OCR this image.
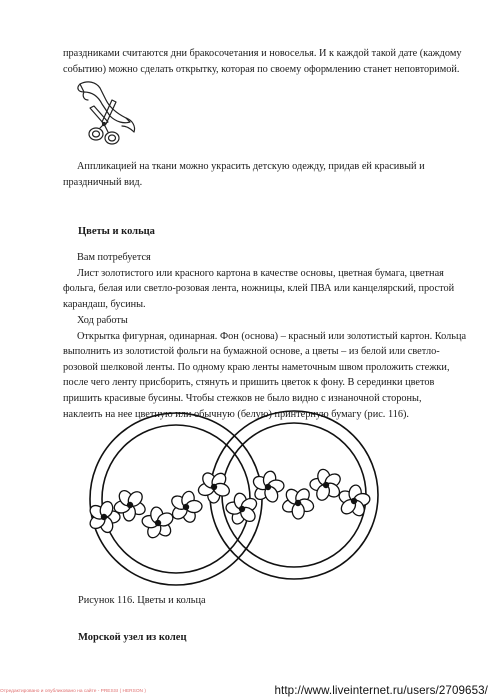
праздниками считаются дни бракосочетания и новоселья. И к каждой такой дате (каждому

событию) можно сделать открытку, которая по своему оформлению станет неповторимой.

Аппликацией на ткани можно украсить детскую одежду, придав ей красивый и

праздничный вид.

Цветы и кольца

Вам потребуется

Лист золотистого или красного картона в качестве основы, цветная бумага, цветная

фольга, белая или светло-розовая лента, ножницы, клей ПВА или канцелярский, простой

карандаш, бусины.

Ход работы

Открытка фигурная, одинарная. Фон (основа) – красный или золотистый картон. Кольца

выполнить из золотистой фольги на бумажной основе, а цветы – из белой или светло-

розовой шелковой ленты. По одному краю ленты наметочным швом проложить стежки,

после чего ленту присборить, стянуть и пришить цветок к фону. В серединки цветов

пришить красивые бусины. Чтобы стежков не было видно с изнаночной стороны,

наклеить на нее цветную или обычную (белую) принтерную бумагу (рис. 116).

Рисунок 116. Цветы и кольца
Морской узел из колец
Отредактировано и опубликовано на сайте - PRESSI ( HERSON )	http://www.liveinternet.ru/users/2709653/
